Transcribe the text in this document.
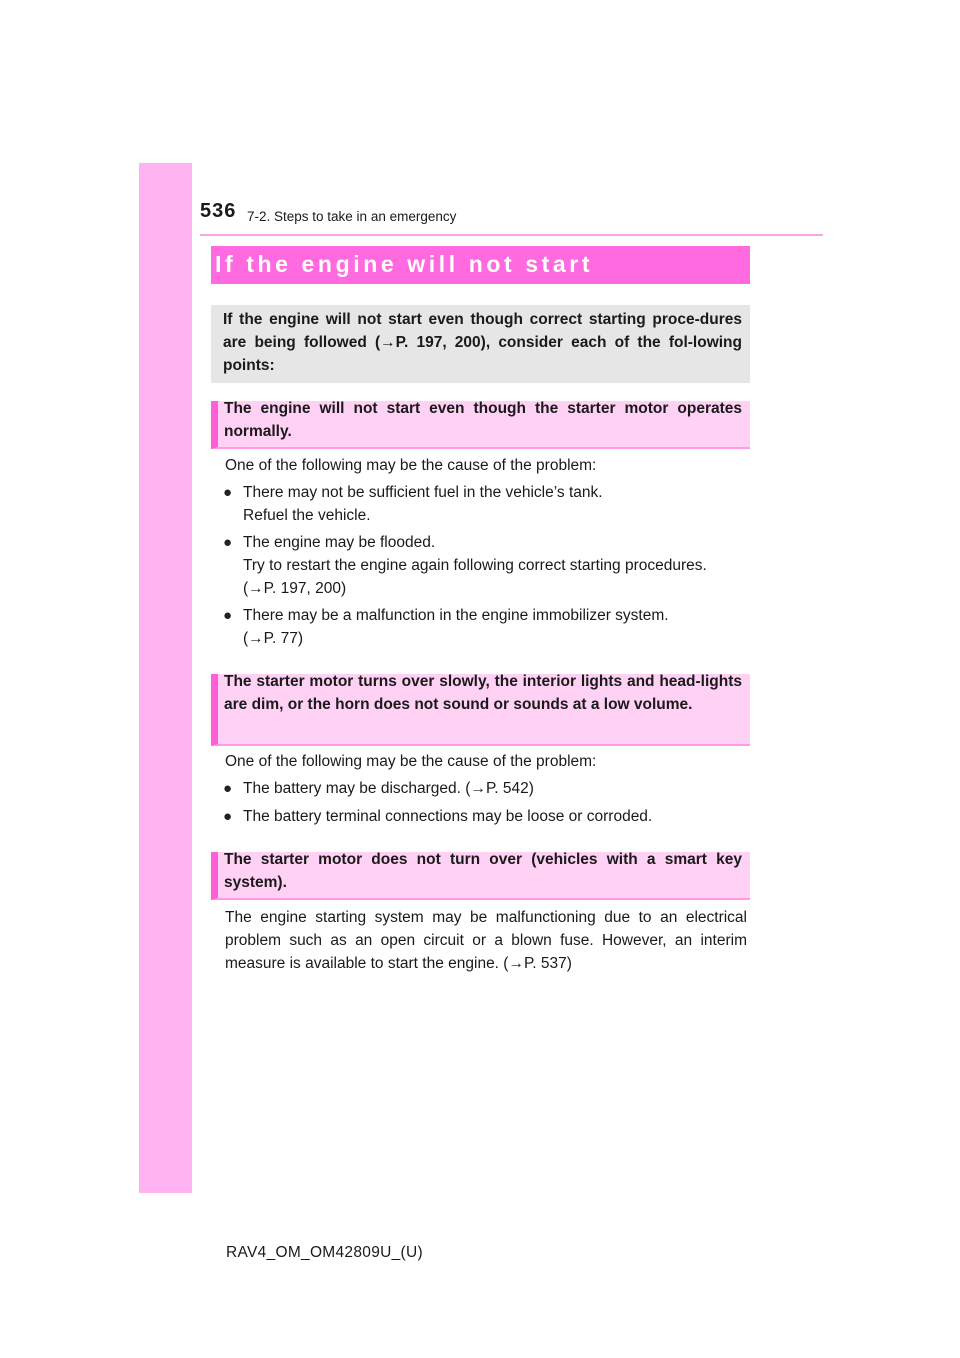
536 7-2. Steps to take in an emergency
If the engine will not start
If the engine will not start even though correct starting proce-dures are being followed (→P. 197, 200), consider each of the fol-lowing points:
The engine will not start even though the starter motor operates normally.
One of the following may be the cause of the problem:
● There may not be sufficient fuel in the vehicle’s tank.
Refuel the vehicle.
● The engine may be flooded.
Try to restart the engine again following correct starting procedures.
(→P. 197, 200)
● There may be a malfunction in the engine immobilizer system.
(→P. 77)
The starter motor turns over slowly, the interior lights and head-lights are dim, or the horn does not sound or sounds at a low volume.
One of the following may be the cause of the problem:
● The battery may be discharged. (→P. 542)
● The battery terminal connections may be loose or corroded.
The starter motor does not turn over (vehicles with a smart key system).
The engine starting system may be malfunctioning due to an electrical problem such as an open circuit or a blown fuse. However, an interim measure is available to start the engine. (→P. 537)
RAV4_OM_OM42809U_(U)
